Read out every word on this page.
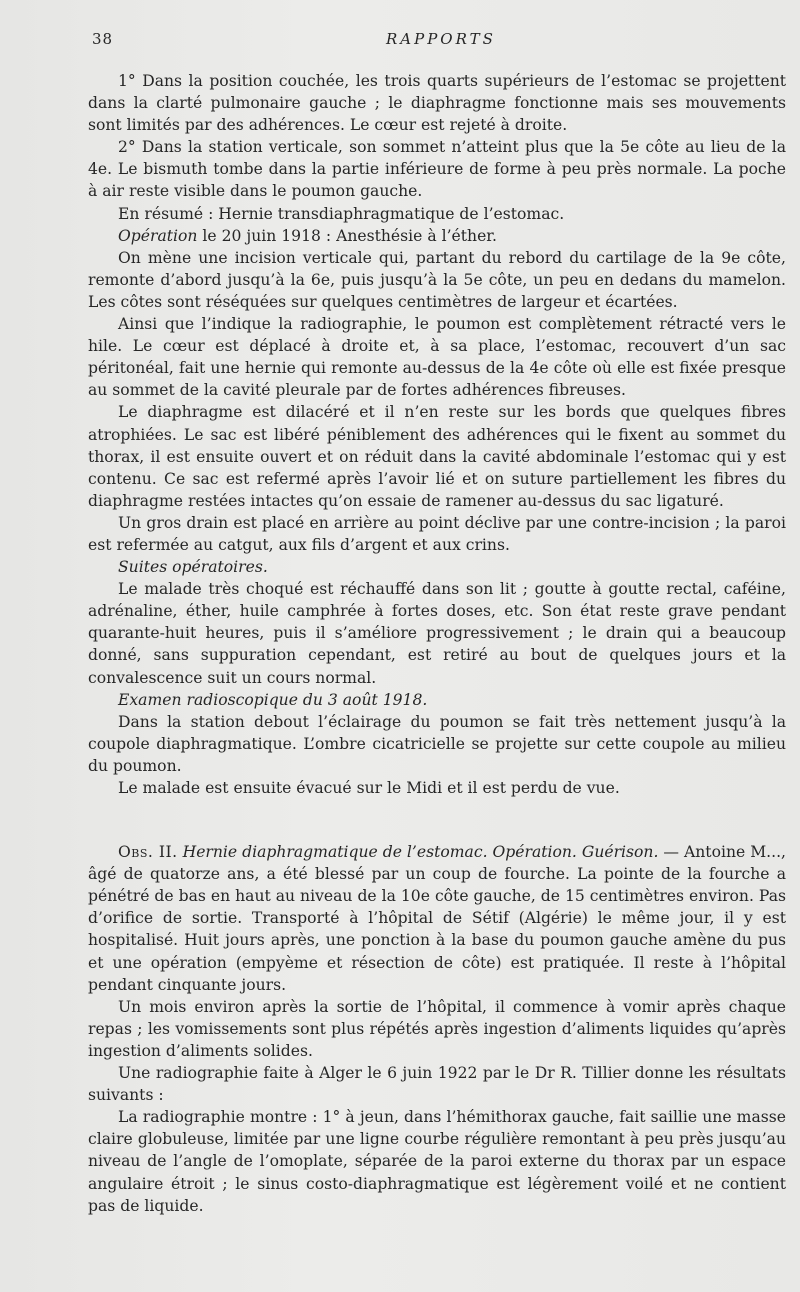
38	RAPPORTS

1° Dans la position couchée, les trois quarts supérieurs de l’estomac se projettent dans la clarté pulmonaire gauche ; le diaphragme fonctionne mais ses mouvements sont limités par des adhérences. Le cœur est rejeté à droite.

2° Dans la station verticale, son sommet n’atteint plus que la 5e côte au lieu de la 4e. Le bismuth tombe dans la partie inférieure de forme à peu près normale. La poche à air reste visible dans le poumon gauche.

En résumé : Hernie transdiaphragmatique de l’estomac.

Opération le 20 juin 1918 : Anesthésie à l’éther.

On mène une incision verticale qui, partant du rebord du cartilage de la 9e côte, remonte d’abord jusqu’à la 6e, puis jusqu’à la 5e côte, un peu en dedans du mamelon. Les côtes sont réséquées sur quelques centimètres de largeur et écartées.

Ainsi que l’indique la radiographie, le poumon est complètement rétracté vers le hile. Le cœur est déplacé à droite et, à sa place, l’estomac, recouvert d’un sac péritonéal, fait une hernie qui remonte au-dessus de la 4e côte où elle est fixée presque au sommet de la cavité pleurale par de fortes adhérences fibreuses.

Le diaphragme est dilacéré et il n’en reste sur les bords que quelques fibres atrophiées. Le sac est libéré péniblement des adhérences qui le fixent au sommet du thorax, il est ensuite ouvert et on réduit dans la cavité abdominale l’estomac qui y est contenu. Ce sac est refermé après l’avoir lié et on suture partiellement les fibres du diaphragme restées intactes qu’on essaie de ramener au-dessus du sac ligaturé.

Un gros drain est placé en arrière au point déclive par une contre-incision ; la paroi est refermée au catgut, aux fils d’argent et aux crins.

Suites opératoires.

Le malade très choqué est réchauffé dans son lit ; goutte à goutte rectal, caféine, adrénaline, éther, huile camphrée à fortes doses, etc. Son état reste grave pendant quarante-huit heures, puis il s’améliore progressivement ; le drain qui a beaucoup donné, sans suppuration cependant, est retiré au bout de quelques jours et la convalescence suit un cours normal.

Examen radioscopique du 3 août 1918.

Dans la station debout l’éclairage du poumon se fait très nettement jusqu’à la coupole diaphragmatique. L’ombre cicatricielle se projette sur cette coupole au milieu du poumon.

Le malade est ensuite évacué sur le Midi et il est perdu de vue.

Obs. II. Hernie diaphragmatique de l’estomac. Opération. Guérison. — Antoine M..., âgé de quatorze ans, a été blessé par un coup de fourche. La pointe de la fourche a pénétré de bas en haut au niveau de la 10e côte gauche, de 15 centimètres environ. Pas d’orifice de sortie. Transporté à l’hôpital de Sétif (Algérie) le même jour, il y est hospitalisé. Huit jours après, une ponction à la base du poumon gauche amène du pus et une opération (empyème et résection de côte) est pratiquée. Il reste à l’hôpital pendant cinquante jours.

Un mois environ après la sortie de l’hôpital, il commence à vomir après chaque repas ; les vomissements sont plus répétés après ingestion d’aliments liquides qu’après ingestion d’aliments solides.

Une radiographie faite à Alger le 6 juin 1922 par le Dr R. Tillier donne les résultats suivants :

La radiographie montre : 1° à jeun, dans l’hémithorax gauche, fait saillie une masse claire globuleuse, limitée par une ligne courbe régulière remontant à peu près jusqu’au niveau de l’angle de l’omoplate, séparée de la paroi externe du thorax par un espace angulaire étroit ; le sinus costo-diaphragmatique est légèrement voilé et ne contient pas de liquide.
